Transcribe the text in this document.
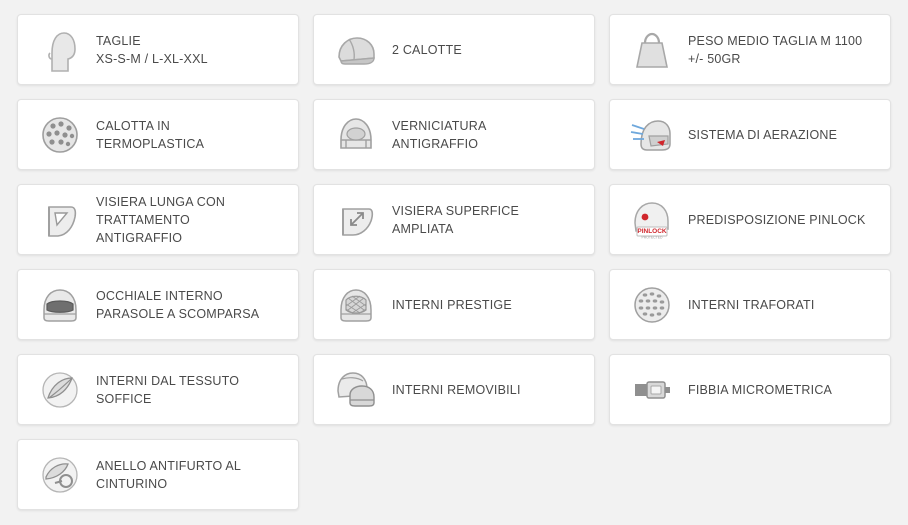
TAGLIE
XS-S-M / L-XL-XXL
2 CALOTTE
PESO MEDIO TAGLIA M 1100
+/- 50GR
CALOTTA IN
TERMOPLASTICA
VERNICIATURA
ANTIGRAFFIO
SISTEMA DI AERAZIONE
VISIERA LUNGA CON
TRATTAMENTO
ANTIGRAFFIO
VISIERA SUPERFICE
AMPLIATA	PINLOCK
PROTECTED
PREDISPOSIZIONE PINLOCK
OCCHIALE INTERNO
PARASOLE A SCOMPARSA
INTERNI PRESTIGE	INTERNI TRAFORATI
INTERNI DAL TESSUTO
SOFFICE
INTERNI REMOVIBILI	FIBBIA MICROMETRICA
ANELLO ANTIFURTO AL
CINTURINO
